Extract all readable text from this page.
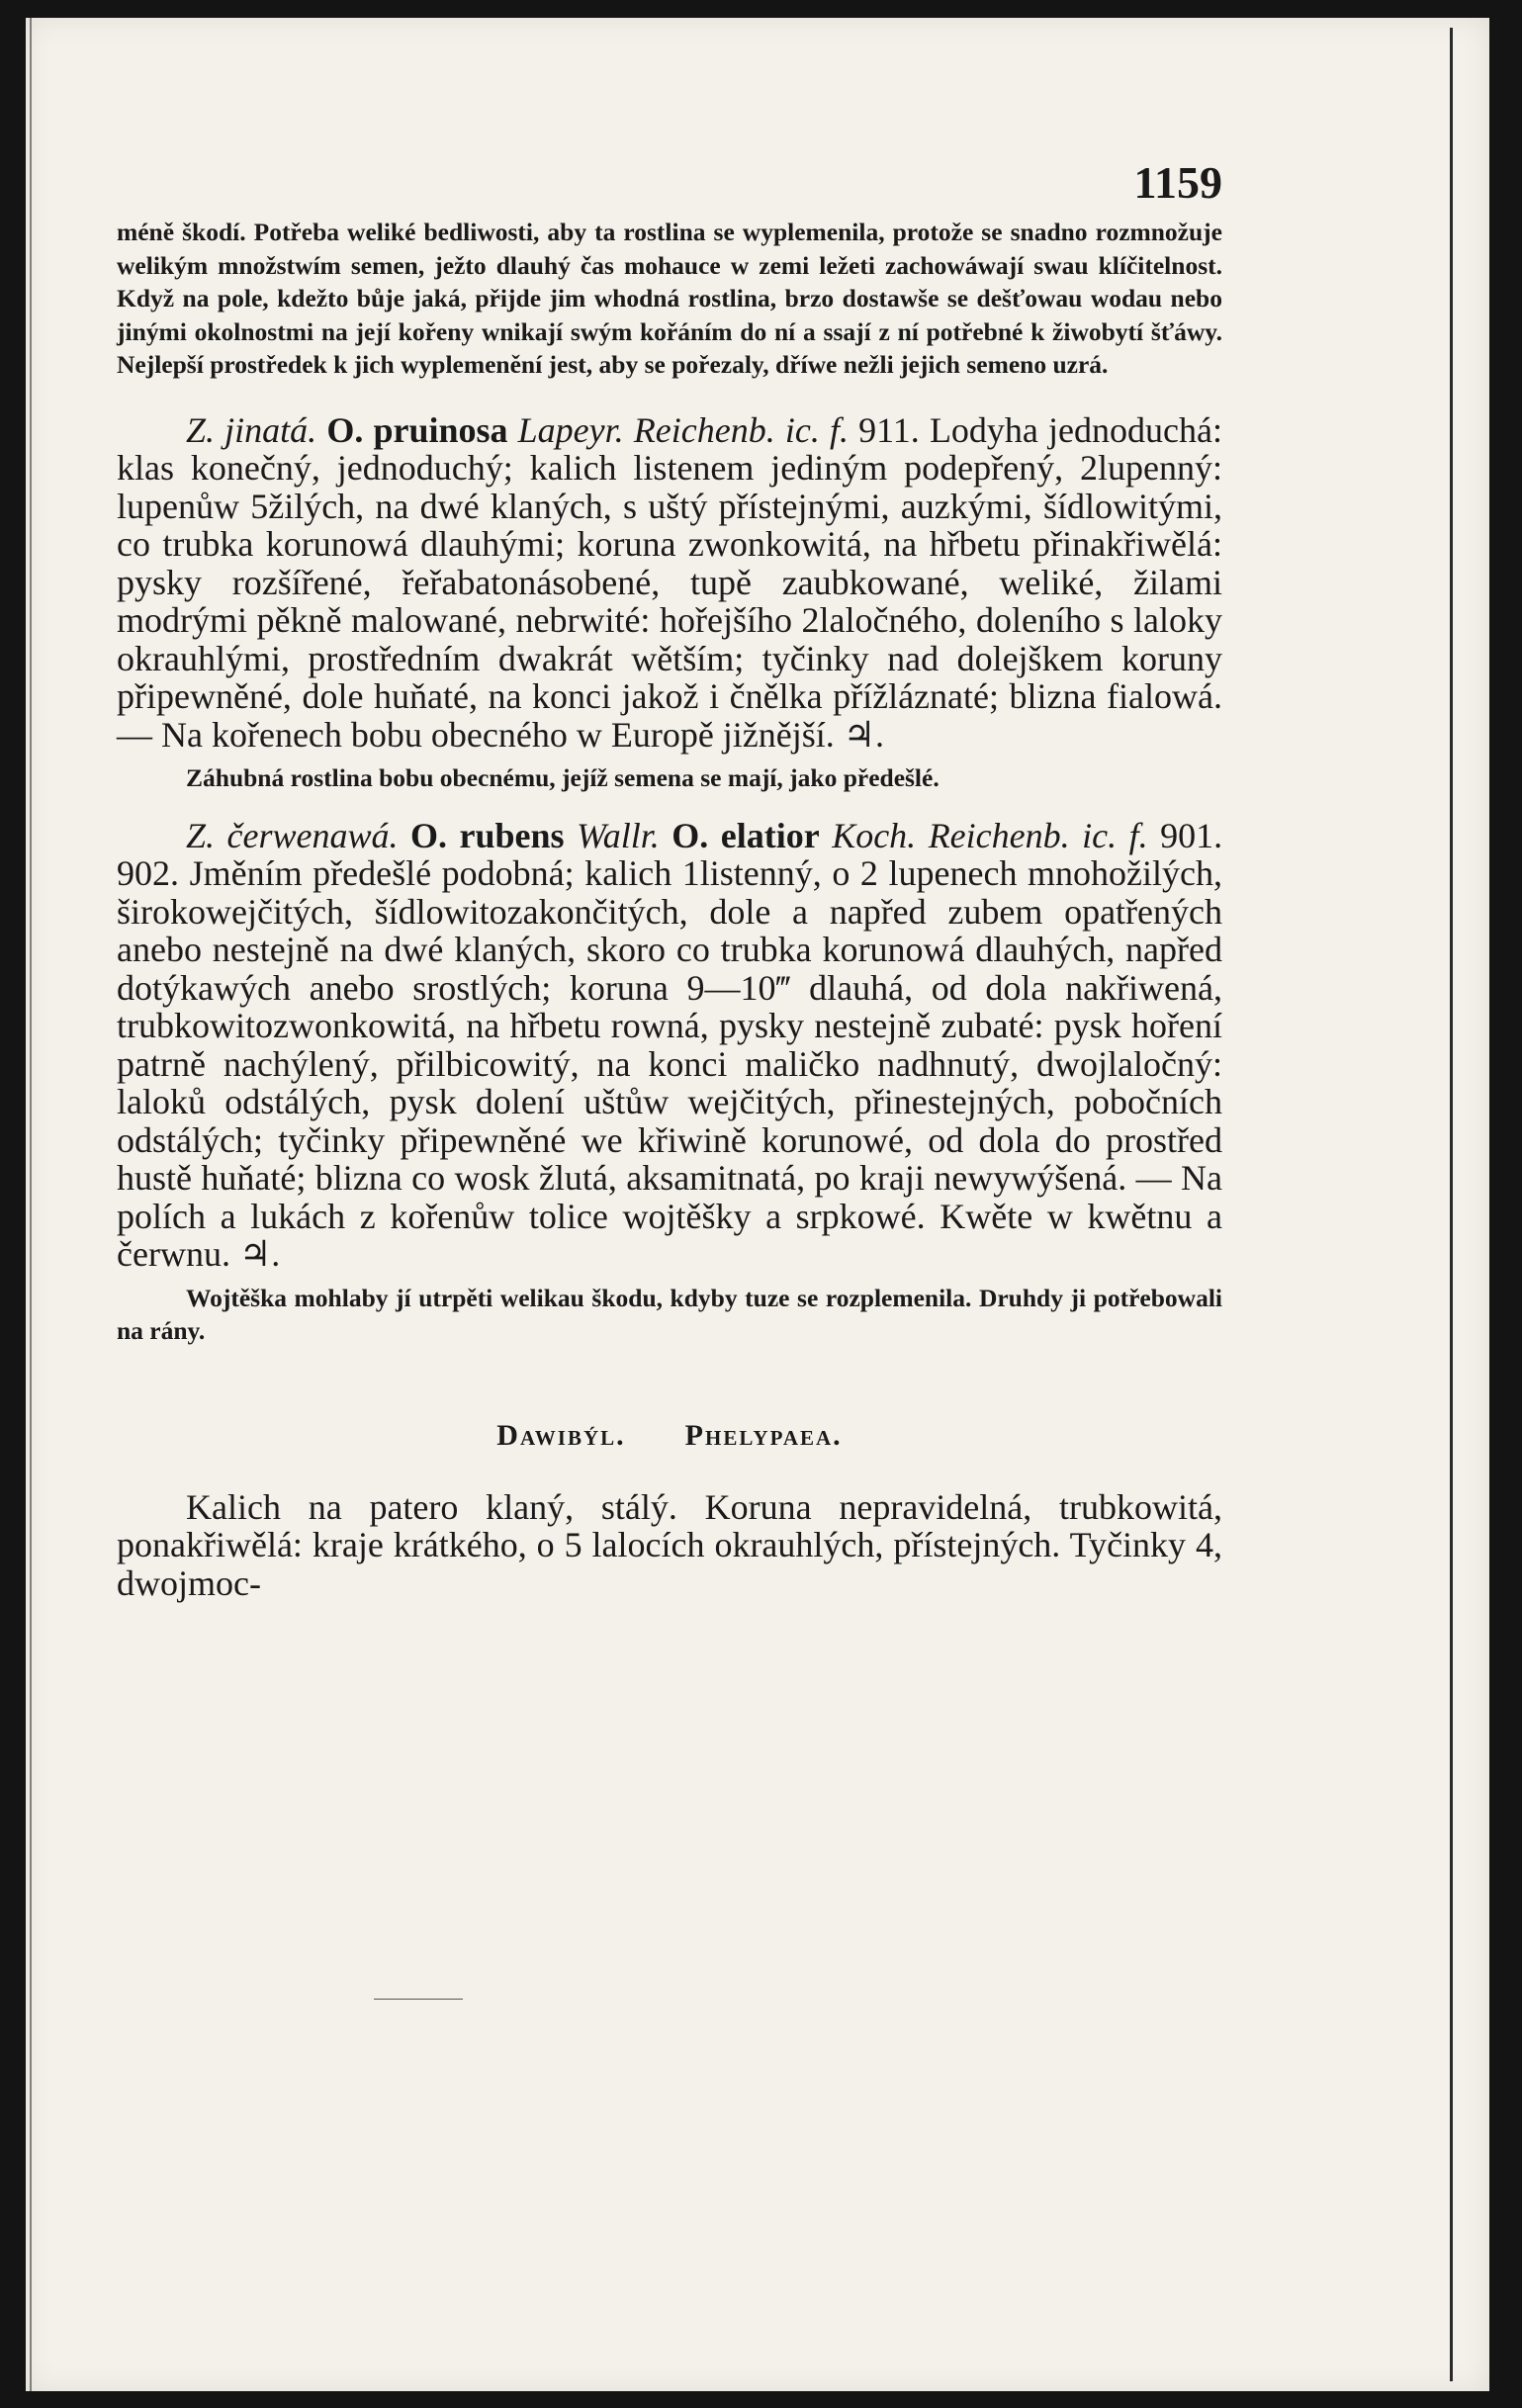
1159

méně škodí. Potřeba weliké bedliwosti, aby ta rostlina se wyplemenila, protože se snadno rozmnožuje welikým množstwím semen, ježto dlauhý čas mohauce w zemi ležeti zachowáwají swau klíčitelnost. Když na pole, kdežto bůje jaká, přijde jim whodná rostlina, brzo dostawše se dešťowau wodau nebo jinými okolnostmi na její kořeny wnikají swým kořáním do ní a ssají z ní potřebné k žiwobytí šťáwy. Nejlepší prostředek k jich wyplemenění jest, aby se pořezaly, dříwe nežli jejich semeno uzrá.

Z. jinatá. O. pruinosa Lapeyr. Reichenb. ic. f. 911. Lodyha jednoduchá: klas konečný, jednoduchý; kalich listenem jediným podepřený, 2lupenný: lupenůw 5žilých, na dwé klaných, s uštý přístejnými, auzkými, šídlowitými, co trubka korunowá dlauhými; koruna zwonkowitá, na hřbetu přinakřiwělá: pysky rozšířené, řeřabatonásobené, tupě zaubkowané, weliké, žilami modrými pěkně malowané, nebrwité: hořejšího 2laločného, doleního s laloky okrauhlými, prostředním dwakrát wětším; tyčinky nad dolejškem koruny připewněné, dole huňaté, na konci jakož i čnělka přížláznaté; blizna fialowá. — Na kořenech bobu obecného w Europě jižnější. ♃.

Záhubná rostlina bobu obecnému, jejíž semena se mají, jako předešlé.

Z. čerwenawá. O. rubens Wallr. O. elatior Koch. Reichenb. ic. f. 901. 902. Jměním předešlé podobná; kalich 1listenný, o 2 lupenech mnohožilých, širokowejčitých, šídlowitozakončitých, dole a napřed zubem opatřených anebo nestejně na dwé klaných, skoro co trubka korunowá dlauhých, napřed dotýkawých anebo srostlých; koruna 9—10‴ dlauhá, od dola nakřiwená, trubkowitozwonkowitá, na hřbetu rowná, pysky nestejně zubaté: pysk hoření patrně nachýlený, přilbicowitý, na konci maličko nadhnutý, dwojlaločný: laloků odstálých, pysk dolení uštůw wejčitých, přinestejných, pobočních odstálých; tyčinky připewněné we křiwině korunowé, od dola do prostřed hustě huňaté; blizna co wosk žlutá, aksamitnatá, po kraji newywýšená. — Na polích a lukách z kořenůw tolice wojtěšky a srpkowé. Kwěte w kwětnu a čerwnu. ♃.

Wojtěška mohlaby jí utrpěti welikau škodu, kdyby tuze se rozplemenila. Druhdy ji potřebowali na rány.

Dawibýl. Phelypaea.

Kalich na patero klaný, stálý. Koruna nepravidelná, trubkowitá, ponakřiwělá: kraje krátkého, o 5 lalocích okrauhlých, přístejných. Tyčinky 4, dwojmoc-
